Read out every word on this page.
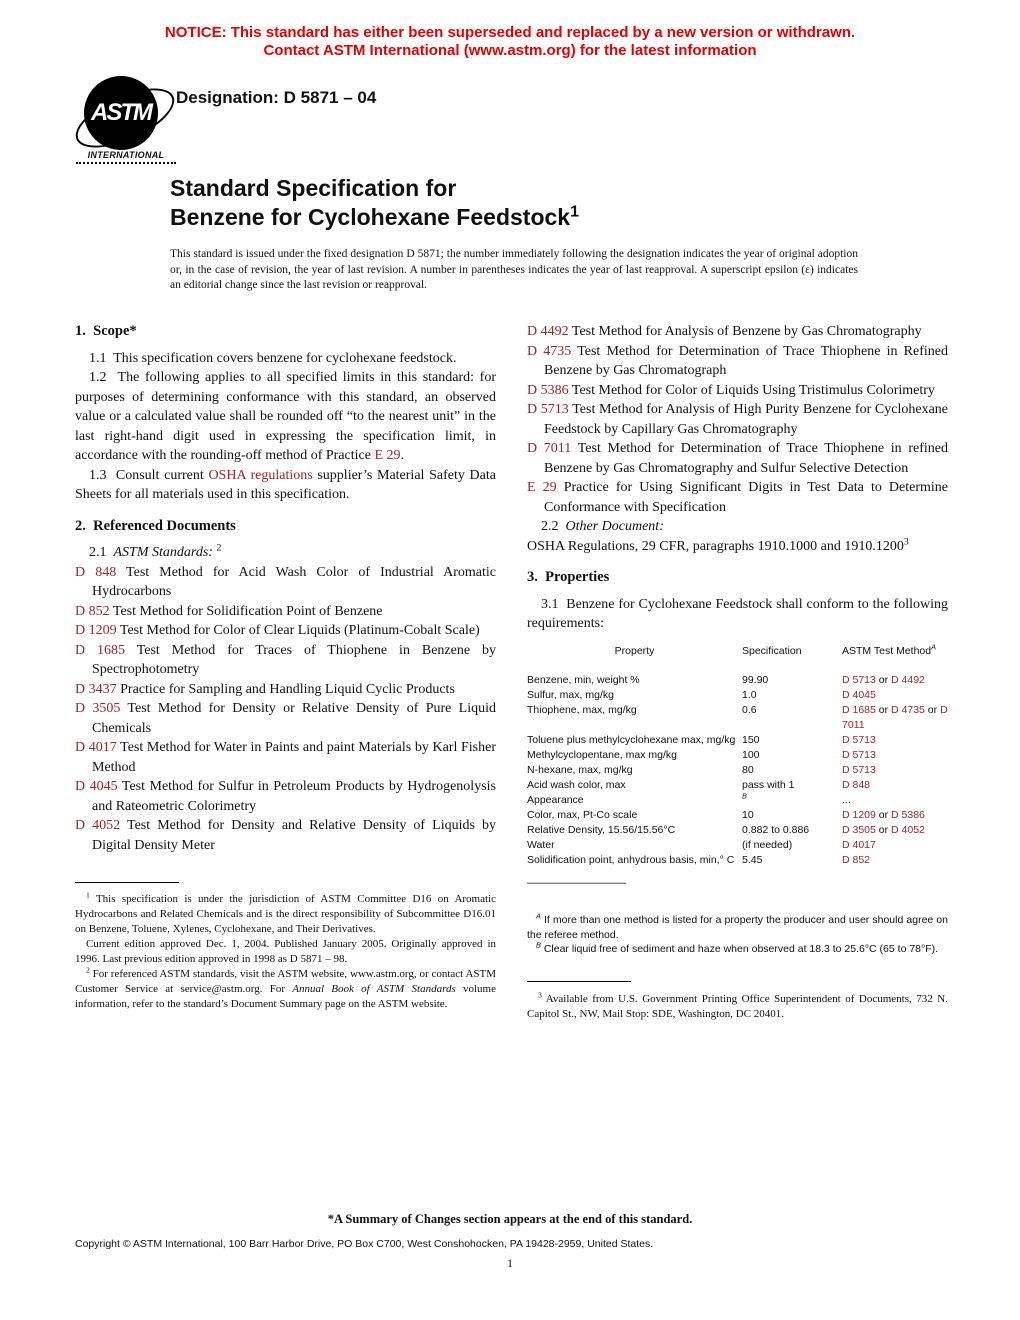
NOTICE: This standard has either been superseded and replaced by a new version or withdrawn.
Contact ASTM International (www.astm.org) for the latest information
ASTM
INTERNATIONAL
Designation: D 5871 – 04
Standard Specification for
Benzene for Cyclohexane Feedstock$^1$
This standard is issued under the fixed designation D 5871; the number immediately following the designation indicates the year of original adoption or, in the case of revision, the year of last revision. A number in parentheses indicates the year of last reapproval. A superscript epsilon (ε) indicates an editorial change since the last revision or reapproval.
1.  Scope*

1.1  This specification covers benzene for cyclohexane feedstock.

1.2  The following applies to all specified limits in this standard: for purposes of determining conformance with this standard, an observed value or a calculated value shall be rounded off “to the nearest unit” in the last right-hand digit used in expressing the specification limit, in accordance with the rounding-off method of Practice E 29.

1.3  Consult current OSHA regulations supplier’s Material Safety Data Sheets for all materials used in this specification.

2.  Referenced Documents

2.1  ASTM Standards: $^2$

D 848 Test Method for Acid Wash Color of Industrial Aromatic Hydrocarbons

D 852 Test Method for Solidification Point of Benzene

D 1209 Test Method for Color of Clear Liquids (Platinum-Cobalt Scale)

D 1685 Test Method for Traces of Thiophene in Benzene by Spectrophotometry

D 3437 Practice for Sampling and Handling Liquid Cyclic Products

D 3505 Test Method for Density or Relative Density of Pure Liquid Chemicals

D 4017 Test Method for Water in Paints and paint Materials by Karl Fisher Method

D 4045 Test Method for Sulfur in Petroleum Products by Hydrogenolysis and Rateometric Colorimetry

D 4052 Test Method for Density and Relative Density of Liquids by Digital Density Meter

$^1$ This specification is under the jurisdiction of ASTM Committee D16 on Aromatic Hydrocarbons and Related Chemicals and is the direct responsibility of Subcommittee D16.01 on Benzene, Toluene, Xylenes, Cyclohexane, and Their Derivatives.

Current edition approved Dec. 1, 2004. Published January 2005. Originally approved in 1996. Last previous edition approved in 1998 as D 5871 – 98.

$^2$ For referenced ASTM standards, visit the ASTM website, www.astm.org, or contact ASTM Customer Service at service@astm.org. For Annual Book of ASTM Standards volume information, refer to the standard’s Document Summary page on the ASTM website.

D 4492 Test Method for Analysis of Benzene by Gas Chromatography

D 4735 Test Method for Determination of Trace Thiophene in Refined Benzene by Gas Chromatograph

D 5386 Test Method for Color of Liquids Using Tristimulus Colorimetry

D 5713 Test Method for Analysis of High Purity Benzene for Cyclohexane Feedstock by Capillary Gas Chromatography

D 7011 Test Method for Determination of Trace Thiophene in refined Benzene by Gas Chromatography and Sulfur Selective Detection

E 29 Practice for Using Significant Digits in Test Data to Determine Conformance with Specification

2.2  Other Document:

OSHA Regulations, 29 CFR, paragraphs 1910.1000 and 1910.1200$^3$

3.  Properties

3.1  Benzene for Cyclohexane Feedstock shall conform to the following requirements:

Property	Specification	ASTM Test Method$^A$
Benzene, min, weight %	99.90	D 5713 or D 4492
Sulfur, max, mg/kg	1.0	D 4045
Thiophene, max, mg/kg	0.6	D 1685 or D 4735 or D 7011
Toluene plus methylcyclohexane max, mg/kg	150	D 5713
Methylcyclopentane, max mg/kg	100	D 5713
N-hexane, max, mg/kg	80	D 5713
Acid wash color, max	pass with 1	D 848
Appearance	$^B$	...
Color, max, Pt-Co scale	10	D 1209 or D 5386
Relative Density, 15.56/15.56°C	0.882 to 0.886	D 3505 or D 4052
Water	(if needed)	D 4017
Solidification point, anhydrous basis, min,° C	5.45	D 852
—————————

$^A$ If more than one method is listed for a property the producer and user should agree on the referee method.

$^B$ Clear liquid free of sediment and haze when observed at 18.3 to 25.6°C (65 to 78°F).

$^3$ Available from U.S. Government Printing Office Superintendent of Documents, 732 N. Capitol St., NW, Mail Stop: SDE, Washington, DC 20401.

*A Summary of Changes section appears at the end of this standard.
Copyright © ASTM International, 100 Barr Harbor Drive, PO Box C700, West Conshohocken, PA 19428-2959, United States.
1
